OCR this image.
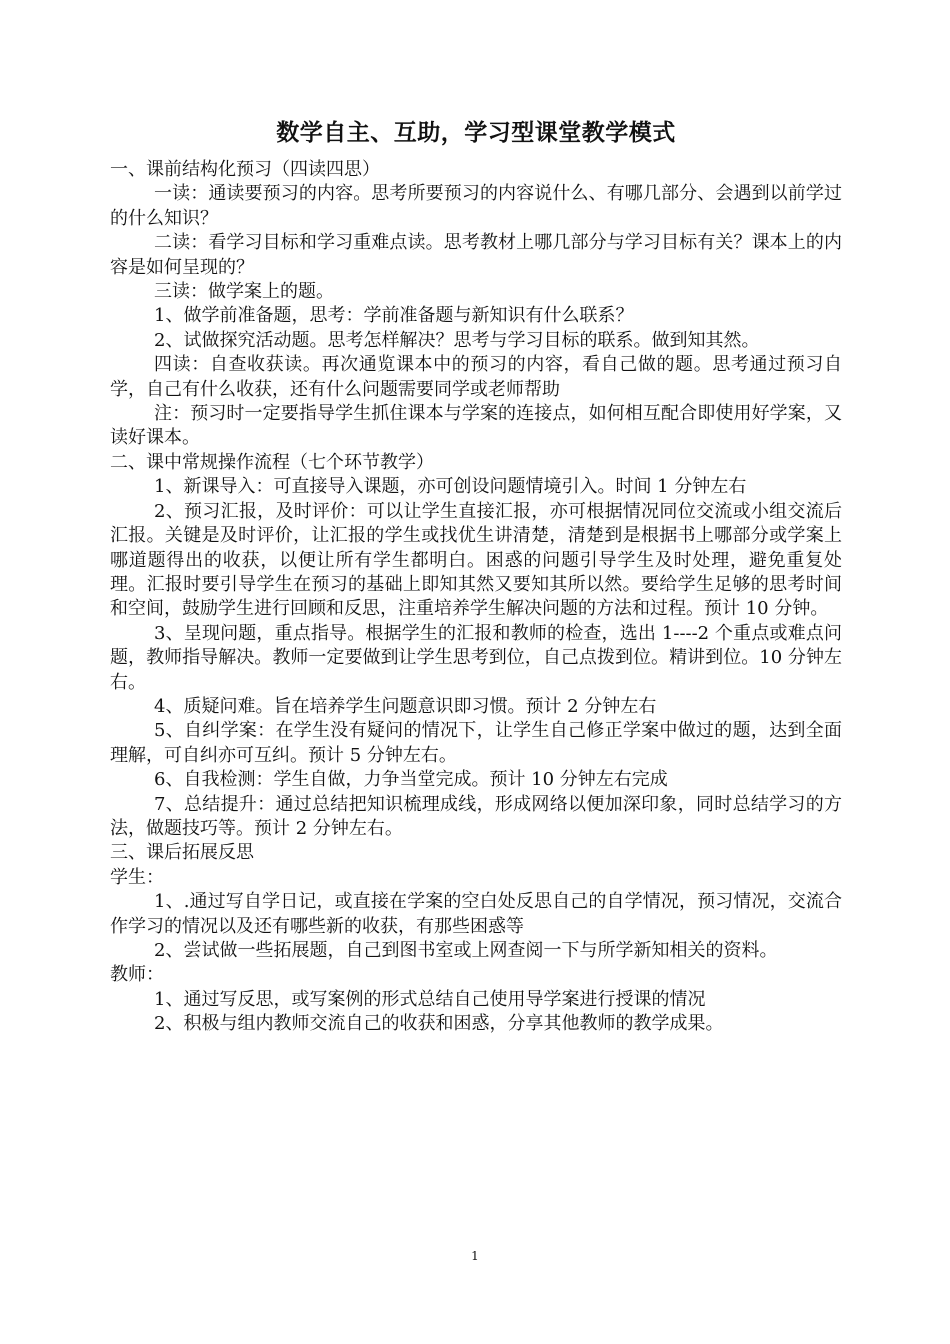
数学自主、互助，学习型课堂教学模式

一、课前结构化预习（四读四思）

一读：通读要预习的内容。思考所要预习的内容说什么、有哪几部分、会遇到以前学过的什么知识？

二读：看学习目标和学习重难点读。思考教材上哪几部分与学习目标有关？课本上的内容是如何呈现的？

三读：做学案上的题。

1、做学前准备题，思考：学前准备题与新知识有什么联系？

2、试做探究活动题。思考怎样解决？思考与学习目标的联系。做到知其然。

四读：自查收获读。再次通览课本中的预习的内容，看自己做的题。思考通过预习自学，自己有什么收获，还有什么问题需要同学或老师帮助

注：预习时一定要指导学生抓住课本与学案的连接点，如何相互配合即使用好学案，又读好课本。

二、课中常规操作流程（七个环节教学）

1、新课导入：可直接导入课题，亦可创设问题情境引入。时间 1 分钟左右

2、预习汇报，及时评价：可以让学生直接汇报，亦可根据情况同位交流或小组交流后汇报。关键是及时评价，让汇报的学生或找优生讲清楚，清楚到是根据书上哪部分或学案上哪道题得出的收获，以便让所有学生都明白。困惑的问题引导学生及时处理，避免重复处理。汇报时要引导学生在预习的基础上即知其然又要知其所以然。要给学生足够的思考时间和空间，鼓励学生进行回顾和反思，注重培养学生解决问题的方法和过程。预计 10 分钟。

3、呈现问题，重点指导。根据学生的汇报和教师的检查，选出 1----2 个重点或难点问题，教师指导解决。教师一定要做到让学生思考到位，自己点拨到位。精讲到位。10 分钟左右。

4、质疑问难。旨在培养学生问题意识即习惯。预计 2 分钟左右

5、自纠学案：在学生没有疑问的情况下，让学生自己修正学案中做过的题，达到全面理解，可自纠亦可互纠。预计 5 分钟左右。

6、自我检测：学生自做，力争当堂完成。预计 10 分钟左右完成

7、总结提升：通过总结把知识梳理成线，形成网络以便加深印象，同时总结学习的方法，做题技巧等。预计 2 分钟左右。

三、课后拓展反思

学生：

1、.通过写自学日记，或直接在学案的空白处反思自己的自学情况，预习情况，交流合作学习的情况以及还有哪些新的收获，有那些困惑等

2、尝试做一些拓展题，自己到图书室或上网查阅一下与所学新知相关的资料。

教师：

1、通过写反思，或写案例的形式总结自己使用导学案进行授课的情况

2、积极与组内教师交流自己的收获和困惑，分享其他教师的教学成果。

1
